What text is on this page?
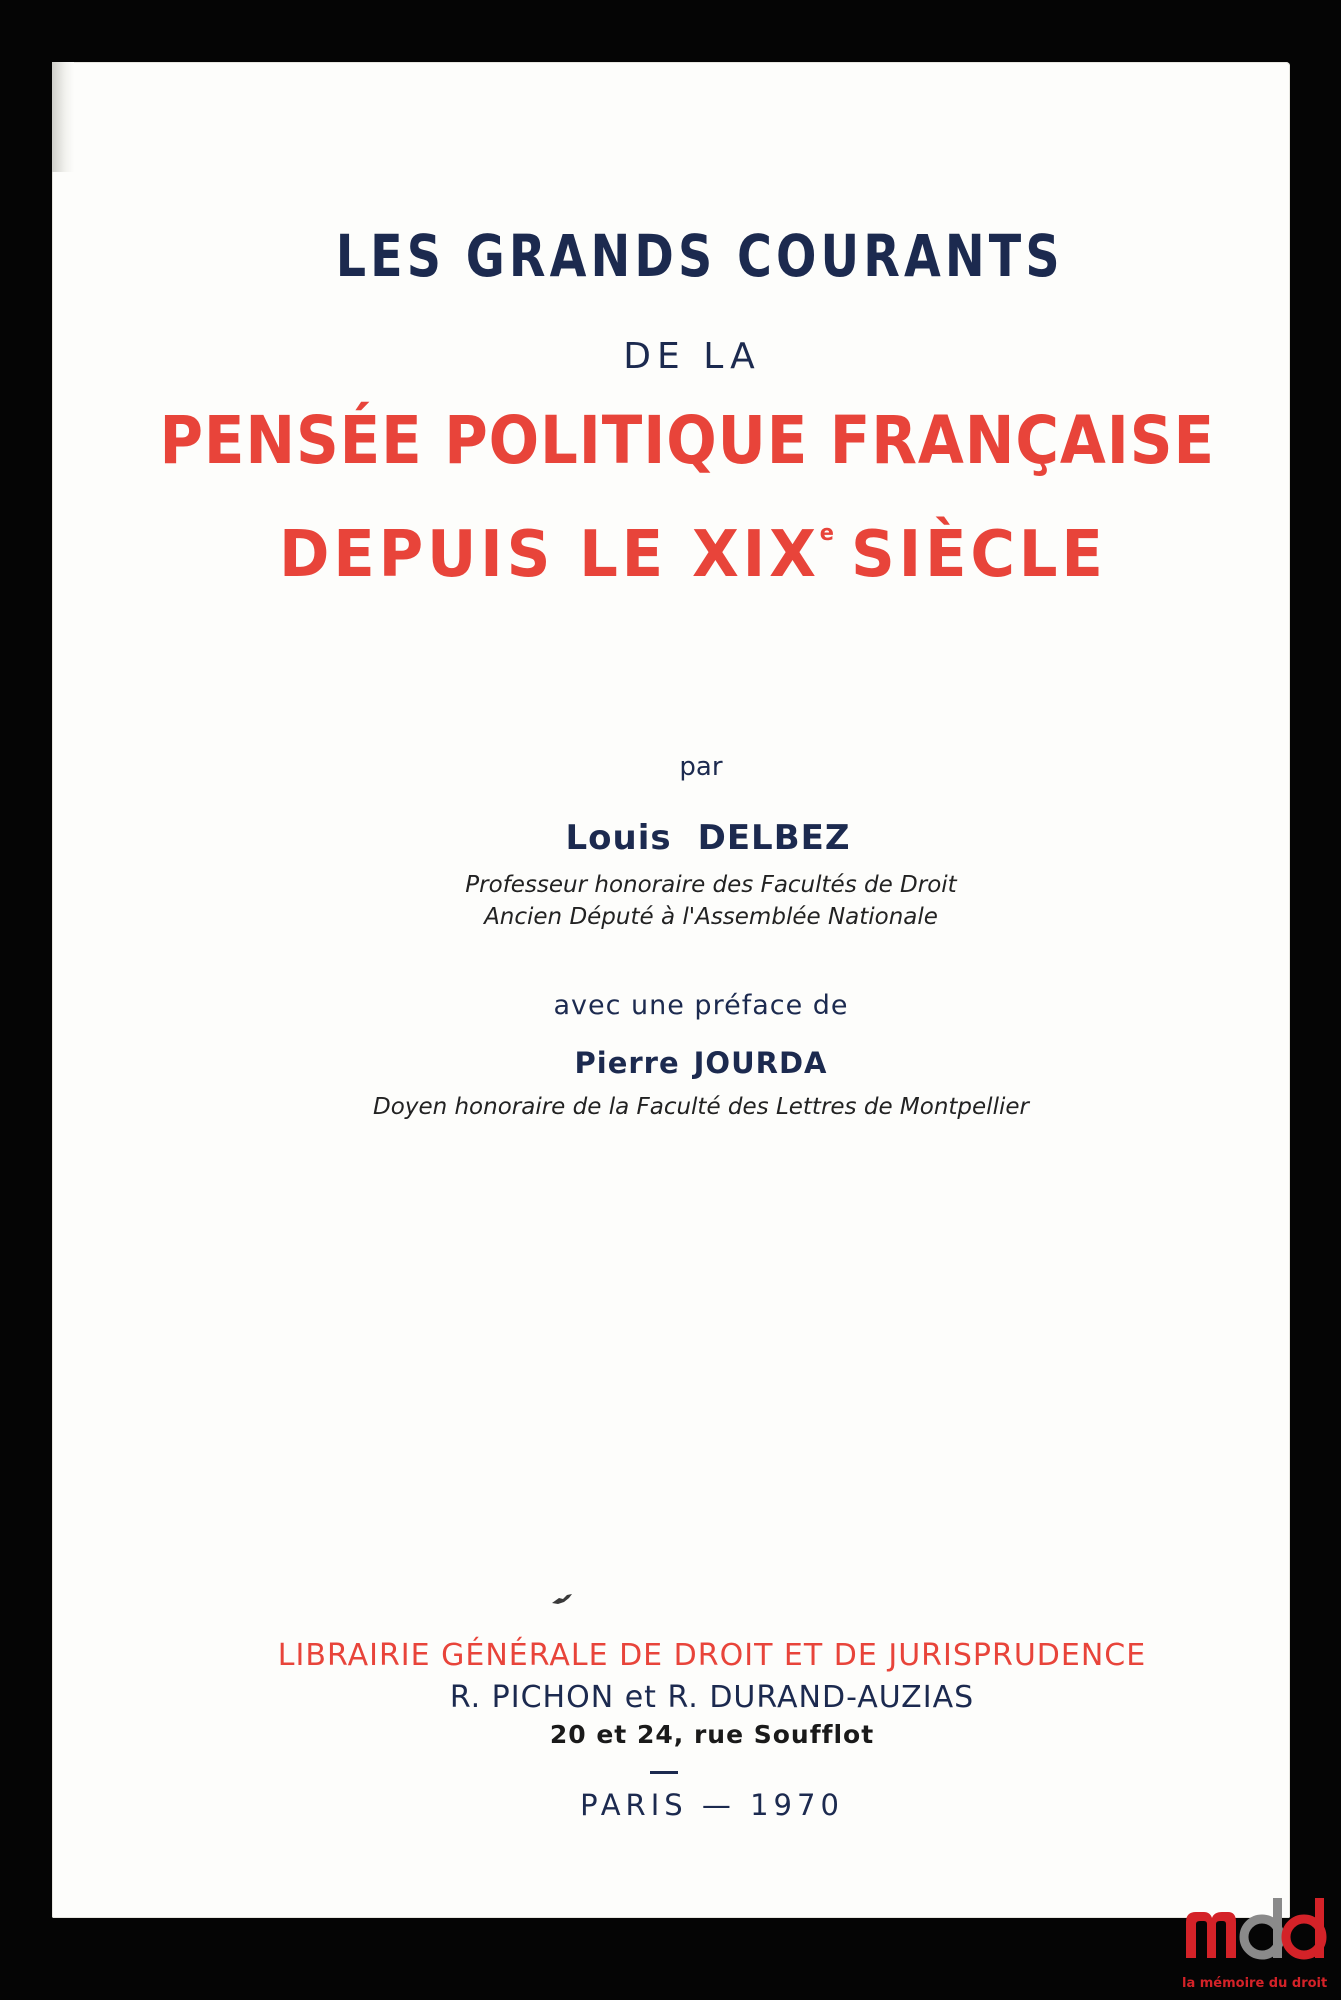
LES GRANDS COURANTS

DE LA

PENSÉE POLITIQUE FRANÇAISE

DEPUIS LE XIXe SIÈCLE

par

Louis DELBEZ

Professeur honoraire des Facultés de Droit

Ancien Député à l'Assemblée Nationale

avec une préface de

Pierre JOURDA

Doyen honoraire de la Faculté des Lettres de Montpellier

LIBRAIRIE GÉNÉRALE DE DROIT ET DE JURISPRUDENCE

R. PICHON et R. DURAND-AUZIAS

20 et 24, rue Soufflot

PARIS — 1970

la mémoire du droit
